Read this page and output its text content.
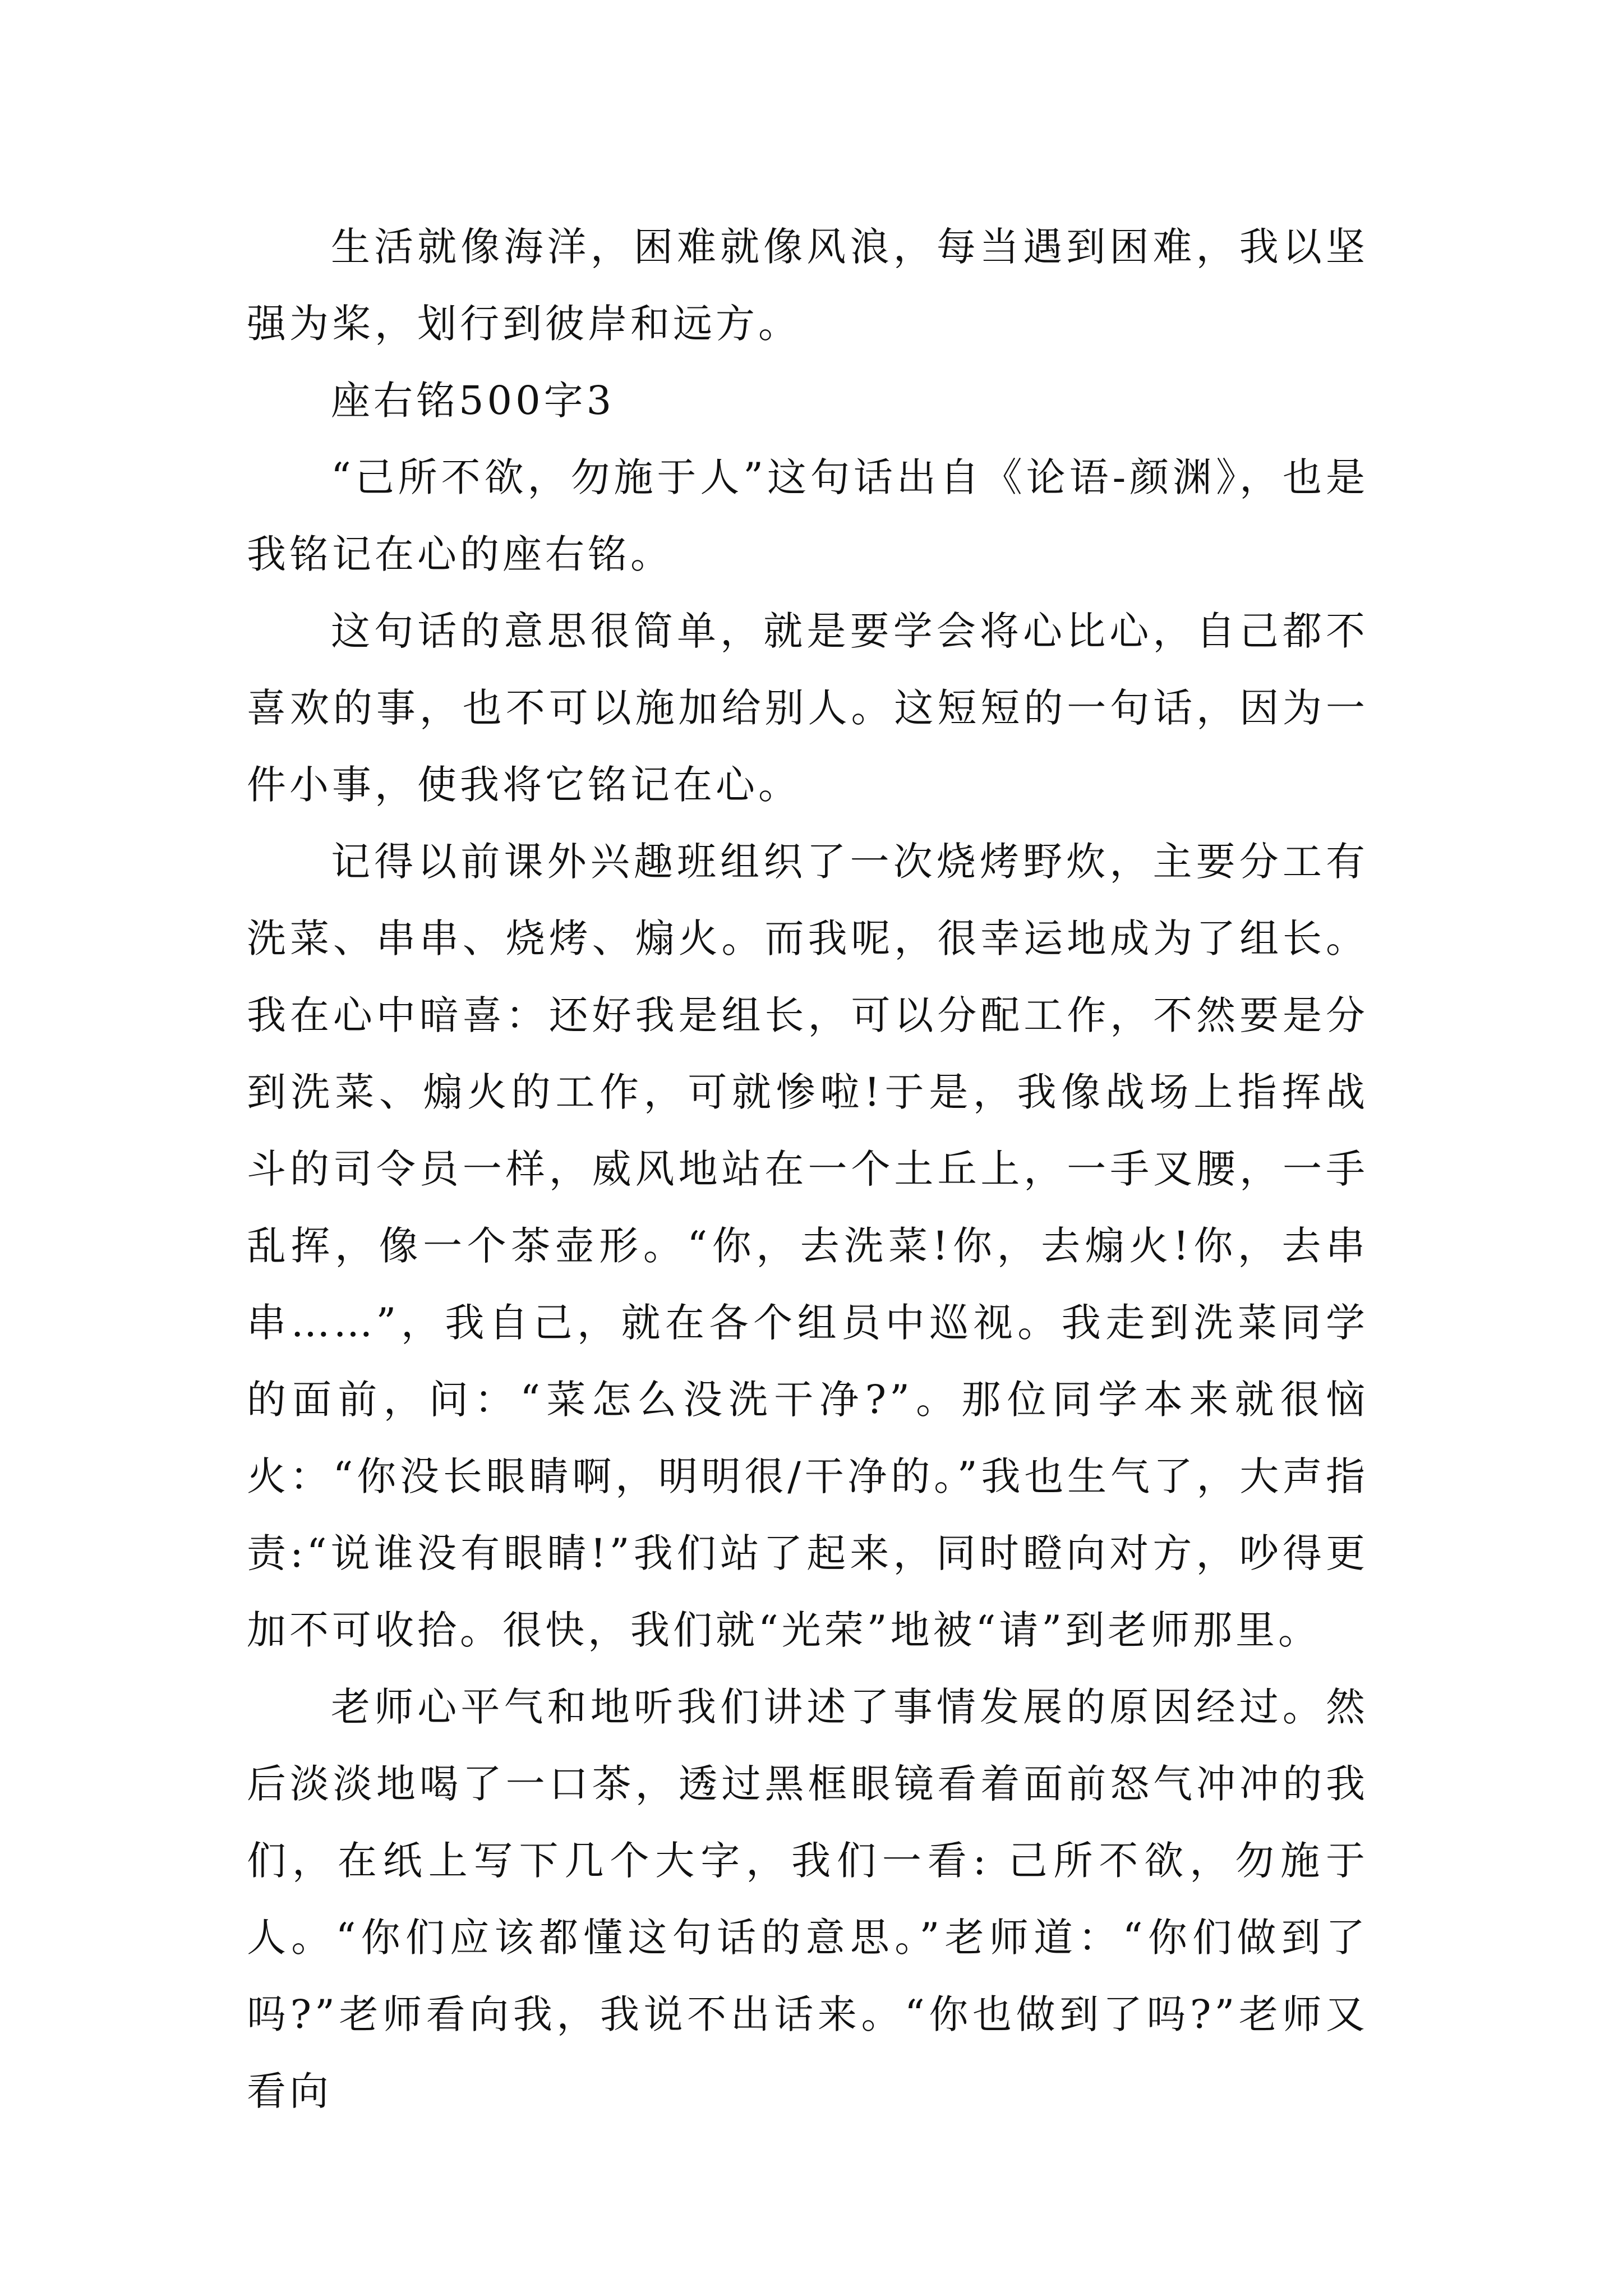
生活就像海洋，困难就像风浪，每当遇到困难，我以坚强为桨，划行到彼岸和远方。

座右铭500字3

“己所不欲，勿施于人”这句话出自《论语-颜渊》，也是我铭记在心的座右铭。

这句话的意思很简单，就是要学会将心比心，自己都不喜欢的事，也不可以施加给别人。这短短的一句话，因为一件小事，使我将它铭记在心。

记得以前课外兴趣班组织了一次烧烤野炊，主要分工有洗菜、串串、烧烤、煽火。而我呢，很幸运地成为了组长。我在心中暗喜：还好我是组长，可以分配工作，不然要是分到洗菜、煽火的工作，可就惨啦!于是，我像战场上指挥战斗的司令员一样，威风地站在一个土丘上，一手叉腰，一手乱挥，像一个茶壶形。“你，去洗菜!你，去煽火!你，去串串……”，我自己，就在各个组员中巡视。我走到洗菜同学的面前，问：“菜怎么没洗干净?”。那位同学本来就很恼火：“你没长眼睛啊，明明很/干净的。”我也生气了，大声指责:“说谁没有眼睛!”我们站了起来，同时瞪向对方，吵得更加不可收拾。很快，我们就“光荣”地被“请”到老师那里。

老师心平气和地听我们讲述了事情发展的原因经过。然后淡淡地喝了一口茶，透过黑框眼镜看着面前怒气冲冲的我们，在纸上写下几个大字，我们一看: 己所不欲，勿施于人。“你们应该都懂这句话的意思。”老师道：“你们做到了吗?”老师看向我，我说不出话来。“你也做到了吗?”老师又看向
